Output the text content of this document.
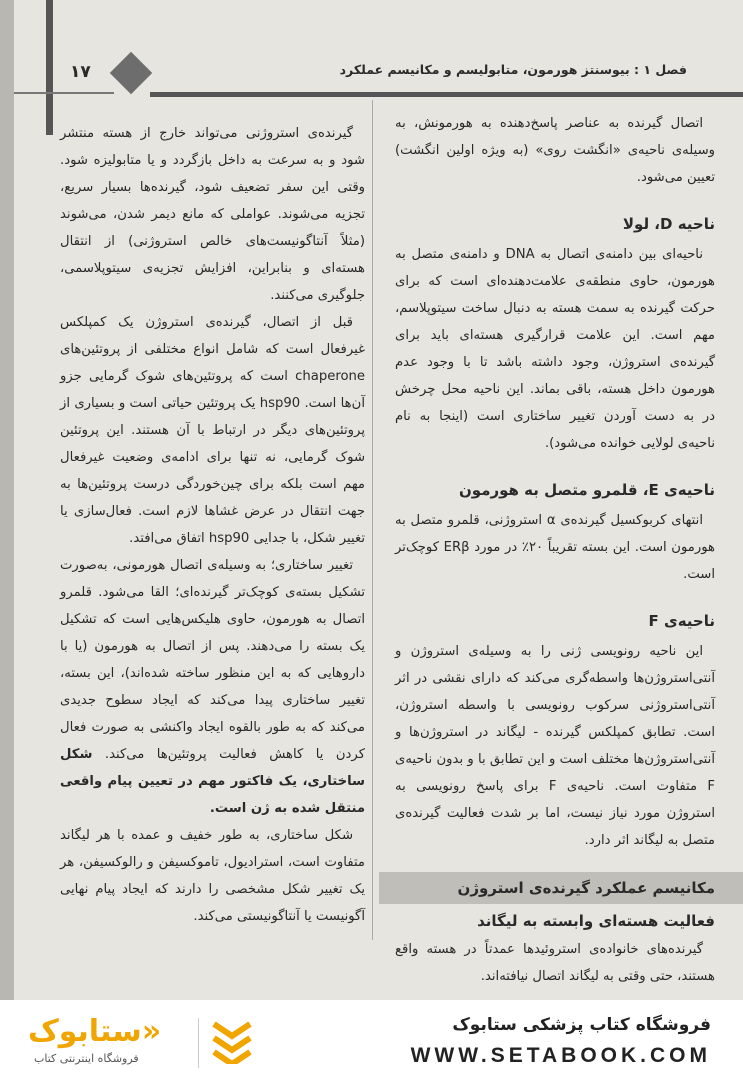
۱۷	فصل ۱ : بیوسنتز هورمون، متابولیسم و مکانیسم عملکرد

اتصال گیرنده به عناصر پاسخ‌دهنده به هورمونش، به وسیله‌ی ناحیه‌ی «انگشت روی» (به ویژه اولین انگشت) تعیین می‌شود.

ناحیه D، لولا

ناحیه‌ای بین دامنه‌ی اتصال به DNA و دامنه‌ی متصل به هورمون، حاوی منطقه‌ی علامت‌دهنده‌ای است که برای حرکت گیرنده به سمت هسته به دنبال ساخت سیتوپلاسم، مهم است. این علامت قرارگیری هسته‌ای باید برای گیرنده‌ی استروژن، وجود داشته باشد تا با وجود عدم هورمون داخل هسته، باقی بماند. این ناحیه محل چرخش در به دست آوردن تغییر ساختاری است (اینجا به نام ناحیه‌ی لولایی خوانده می‌شود).

ناحیه‌ی E، قلمرو متصل به هورمون

انتهای کربوکسیل گیرنده‌ی α استروژنی، قلمرو متصل به هورمون است. این بسته تقریباً ۲۰٪ در مورد ERβ کوچک‌تر است.

ناحیه‌ی F

این ناحیه رونویسی ژنی را به وسیله‌ی استروژن و آنتی‌استروژن‌ها واسطه‌گری می‌کند که دارای نقشی در اثر آنتی‌استروژنی سرکوب رونویسی با واسطه استروژن، است. تطابق کمپلکس گیرنده - لیگاند در استروژن‌ها و آنتی‌استروژن‌ها مختلف است و این تطابق با و بدون ناحیه‌ی F متفاوت است. ناحیه‌ی F برای پاسخ رونویسی به استروژن مورد نیاز نیست، اما بر شدت فعالیت گیرنده‌ی متصل به لیگاند اثر دارد.

مکانیسم عملکرد گیرنده‌ی استروژن
فعالیت هسته‌ای وابسته به لیگاند

گیرنده‌های خانواده‌ی استروئیدها عمدتاً در هسته واقع هستند، حتی وقتی به لیگاند اتصال نیافته‌اند.

گیرنده‌ی استروژنی می‌تواند خارج از هسته منتشر شود و به سرعت به داخل بازگردد و یا متابولیزه شود. وقتی این سفر تضعیف شود، گیرنده‌ها بسیار سریع، تجزیه می‌شوند. عواملی که مانع دیمر شدن، می‌شوند (مثلاً آنتاگونیست‌های خالص استروژنی) از انتقال هسته‌ای و بنابراین، افزایش تجزیه‌ی سیتوپلاسمی، جلوگیری می‌کنند.

قبل از اتصال، گیرنده‌ی استروژن یک کمپلکس غیرفعال است که شامل انواع مختلفی از پروتئین‌های chaperone است که پروتئین‌های شوک گرمایی جزو آن‌ها است. hsp90 یک پروتئین حیاتی است و بسیاری از پروتئین‌های دیگر در ارتباط با آن هستند. این پروتئین شوک گرمایی، نه تنها برای ادامه‌ی وضعیت غیرفعال مهم است بلکه برای چین‌خوردگی درست پروتئین‌ها به جهت انتقال در عرض غشاها لازم است. فعال‌سازی یا تغییر شکل، با جدایی hsp90 اتفاق می‌افتد.

تغییر ساختاری؛ به وسیله‌ی اتصال هورمونی، به‌صورت تشکیل بسته‌ی کوچک‌تر گیرنده‌ای؛ القا می‌شود. قلمرو اتصال به هورمون، حاوی هلیکس‌هایی است که تشکیل یک بسته را می‌دهند. پس از اتصال به هورمون (یا با داروهایی که به این منظور ساخته شده‌اند)، این بسته، تغییر ساختاری پیدا می‌کند که ایجاد سطوح جدیدی می‌کند که به طور بالقوه ایجاد واکنشی به صورت فعال کردن یا کاهش فعالیت پروتئین‌ها می‌کند. شکل ساختاری، یک فاکتور مهم در تعیین پیام واقعی منتقل شده به ژن است.

شکل ساختاری، به طور خفیف و عمده با هر لیگاند متفاوت است، استرادیول، تاموکسیفن و رالوکسیفن، هر یک تغییر شکل مشخصی را دارند که ایجاد پیام نهایی آگونیست یا آنتاگونیستی می‌کند.

ستابوک»
فروشگاه اینترنتی کتاب
فروشگاه کتاب پزشکی ستابوک
WWW.SETABOOK.COM
